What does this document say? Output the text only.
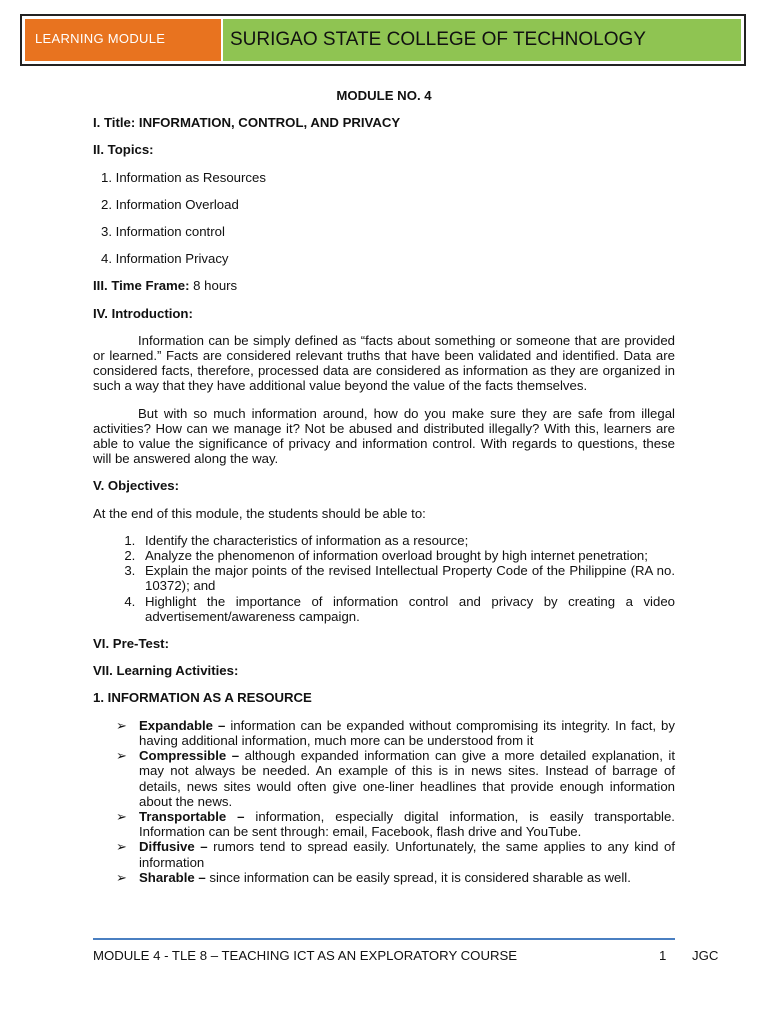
LEARNING MODULE	SURIGAO STATE COLLEGE OF TECHNOLOGY

MODULE NO. 4

I. Title: INFORMATION, CONTROL, AND PRIVACY

II. Topics:

1. Information as Resources

2. Information Overload

3. Information control

4. Information Privacy

III. Time Frame: 8 hours

IV. Introduction:

Information can be simply defined as “facts about something or someone that are provided or learned.” Facts are considered relevant truths that have been validated and identified. Data are considered facts, therefore, processed data are considered as information as they are organized in such a way that they have additional value beyond the value of the facts themselves.

But with so much information around, how do you make sure they are safe from illegal activities? How can we manage it? Not be abused and distributed illegally? With this, learners are able to value the significance of privacy and information control. With regards to questions, these will be answered along the way.

V. Objectives:

At the end of this module, the students should be able to:

1. Identify the characteristics of information as a resource;
2. Analyze the phenomenon of information overload brought by high internet penetration;
3. Explain the major points of the revised Intellectual Property Code of the Philippine (RA no. 10372); and
4. Highlight the importance of information control and privacy by creating a video advertisement/awareness campaign.

VI. Pre-Test:

VII. Learning Activities:

1. INFORMATION AS A RESOURCE

➢ Expandable – information can be expanded without compromising its integrity. In fact, by having additional information, much more can be understood from it
➢ Compressible – although expanded information can give a more detailed explanation, it may not always be needed. An example of this is in news sites. Instead of barrage of details, news sites would often give one-liner headlines that provide enough information about the news.
➢ Transportable – information, especially digital information, is easily transportable. Information can be sent through: email, Facebook, flash drive and YouTube.
➢ Diffusive – rumors tend to spread easily. Unfortunately, the same applies to any kind of information
➢ Sharable – since information can be easily spread, it is considered sharable as well.
MODULE 4 - TLE 8 – TEACHING ICT AS AN EXPLORATORY COURSE	1 JGC
